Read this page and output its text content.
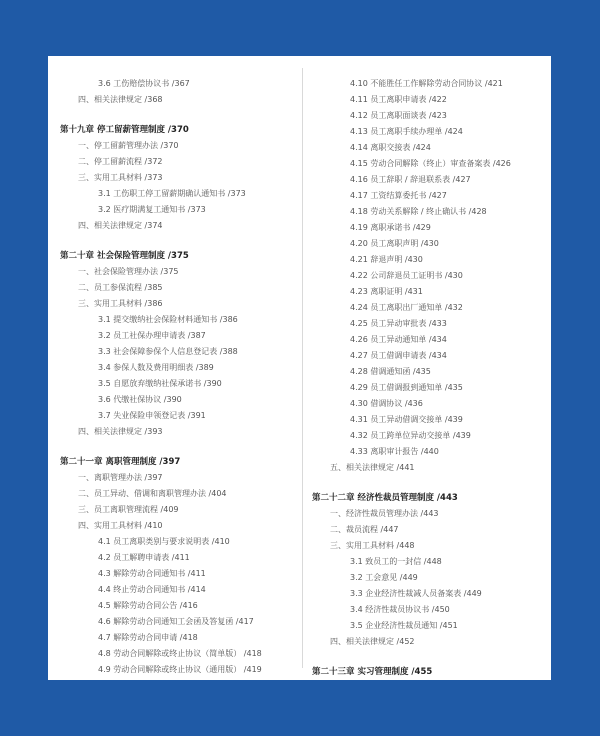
3.6 工伤赔偿协议书 /367
四、相关法律规定 /368
第十九章 停工留薪管理制度 /370
一、停工留薪管理办法 /370
二、停工留薪流程 /372
三、实用工具材料 /373
3.1 工伤职工停工留薪期确认通知书 /373
3.2 医疗期满复工通知书 /373
四、相关法律规定 /374
第二十章 社会保险管理制度 /375
一、社会保险管理办法 /375
二、员工参保流程 /385
三、实用工具材料 /386
3.1 提交缴纳社会保险材料通知书 /386
3.2 员工社保办理申请表 /387
3.3 社会保障参保个人信息登记表 /388
3.4 参保人数及费用明细表 /389
3.5 自愿放弃缴纳社保承诺书 /390
3.6 代缴社保协议 /390
3.7 失业保险申领登记表 /391
四、相关法律规定 /393
第二十一章 离职管理制度 /397
一、离职管理办法 /397
二、员工异动、借调和离职管理办法 /404
三、员工离职管理流程 /409
四、实用工具材料 /410
4.1 员工离职类别与要求说明表 /410
4.2 员工解聘申请表 /411
4.3 解除劳动合同通知书 /411
4.4 终止劳动合同通知书 /414
4.5 解除劳动合同公告 /416
4.6 解除劳动合同通知工会函及答复函 /417
4.7 解除劳动合同申请 /418
4.8 劳动合同解除或终止协议（简单版） /418
4.9 劳动合同解除或终止协议（通用版） /419
4.10 不能胜任工作解除劳动合同协议 /421
4.11 员工离职申请表 /422
4.12 员工离职面谈表 /423
4.13 员工离职手续办理单 /424
4.14 离职交接表 /424
4.15 劳动合同解除（终止）审查备案表 /426
4.16 员工辞职 / 辞退联系表 /427
4.17 工资结算委托书 /427
4.18 劳动关系解除 / 终止确认书 /428
4.19 离职承诺书 /429
4.20 员工离职声明 /430
4.21 辞退声明 /430
4.22 公司辞退员工证明书 /430
4.23 离职证明 /431
4.24 员工离职出厂通知单 /432
4.25 员工异动审批表 /433
4.26 员工异动通知单 /434
4.27 员工借调申请表 /434
4.28 借调通知函 /435
4.29 员工借调报到通知单 /435
4.30 借调协议 /436
4.31 员工异动借调交接单 /439
4.32 员工跨单位异动交接单 /439
4.33 离职审计报告 /440
五、相关法律规定 /441
第二十二章 经济性裁员管理制度 /443
一、经济性裁员管理办法 /443
二、裁员流程 /447
三、实用工具材料 /448
3.1 致员工的一封信 /448
3.2 工会意见 /449
3.3 企业经济性裁减人员备案表 /449
3.4 经济性裁员协议书 /450
3.5 企业经济性裁员通知 /451
四、相关法律规定 /452
第二十三章 实习管理制度 /455
